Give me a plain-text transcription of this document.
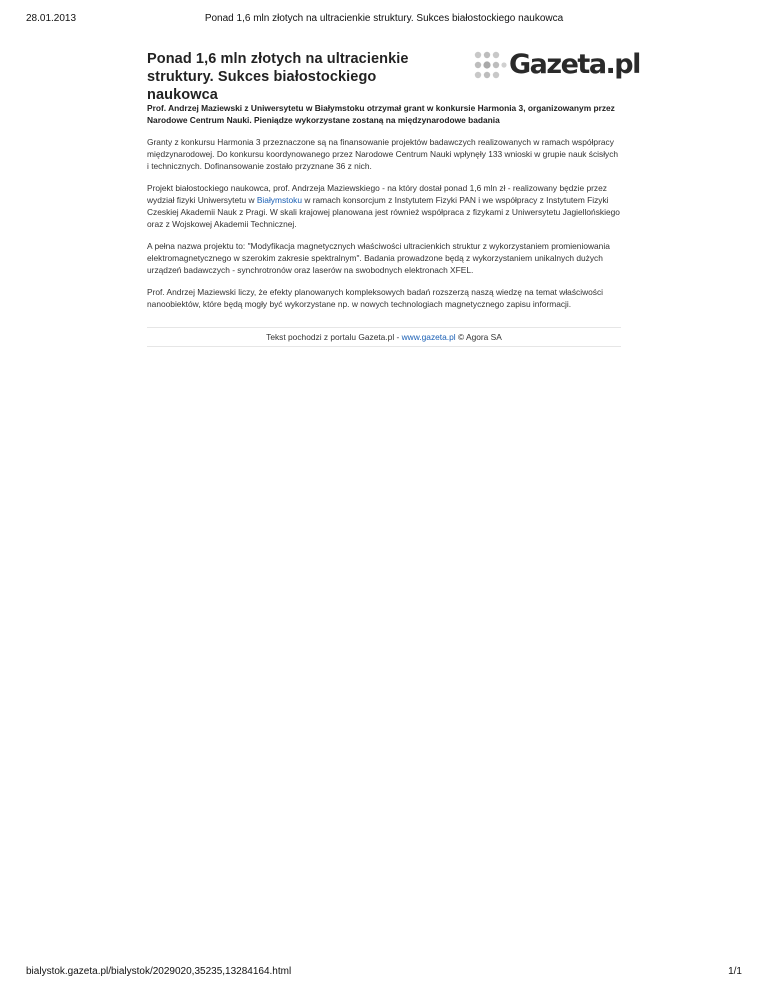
28.01.2013	Ponad 1,6 mln złotych na ultracienkie struktury. Sukces białostockiego naukowca
Ponad 1,6 mln złotych na ultracienkie struktury. Sukces białostockiego naukowca
Gazeta.pl

Prof. Andrzej Maziewski z Uniwersytetu w Białymstoku otrzymał grant w konkursie Harmonia 3, organizowanym przez Narodowe Centrum Nauki. Pieniądze wykorzystane zostaną na międzynarodowe badania

Granty z konkursu Harmonia 3 przeznaczone są na finansowanie projektów badawczych realizowanych w ramach współpracy międzynarodowej. Do konkursu koordynowanego przez Narodowe Centrum Nauki wpłynęły 133 wnioski w grupie nauk ścisłych i technicznych. Dofinansowanie zostało przyznane 36 z nich.

Projekt białostockiego naukowca, prof. Andrzeja Maziewskiego - na który dostał ponad 1,6 mln zł - realizowany będzie przez wydział fizyki Uniwersytetu w Białymstoku w ramach konsorcjum z Instytutem Fizyki PAN i we współpracy z Instytutem Fizyki Czeskiej Akademii Nauk z Pragi. W skali krajowej planowana jest również współpraca z fizykami z Uniwersytetu Jagiellońskiego oraz z Wojskowej Akademii Technicznej.

A pełna nazwa projektu to: "Modyfikacja magnetycznych właściwości ultracienkich struktur z wykorzystaniem promieniowania elektromagnetycznego w szerokim zakresie spektralnym". Badania prowadzone będą z wykorzystaniem unikalnych dużych urządzeń badawczych - synchrotronów oraz laserów na swobodnych elektronach XFEL.

Prof. Andrzej Maziewski liczy, że efekty planowanych kompleksowych badań rozszerzą naszą wiedzę na temat właściwości nanoobiektów, które będą mogły być wykorzystane np. w nowych technologiach magnetycznego zapisu informacji.

Tekst pochodzi z portalu Gazeta.pl - www.gazeta.pl © Agora SA
bialystok.gazeta.pl/bialystok/2029020,35235,13284164.html	1/1
